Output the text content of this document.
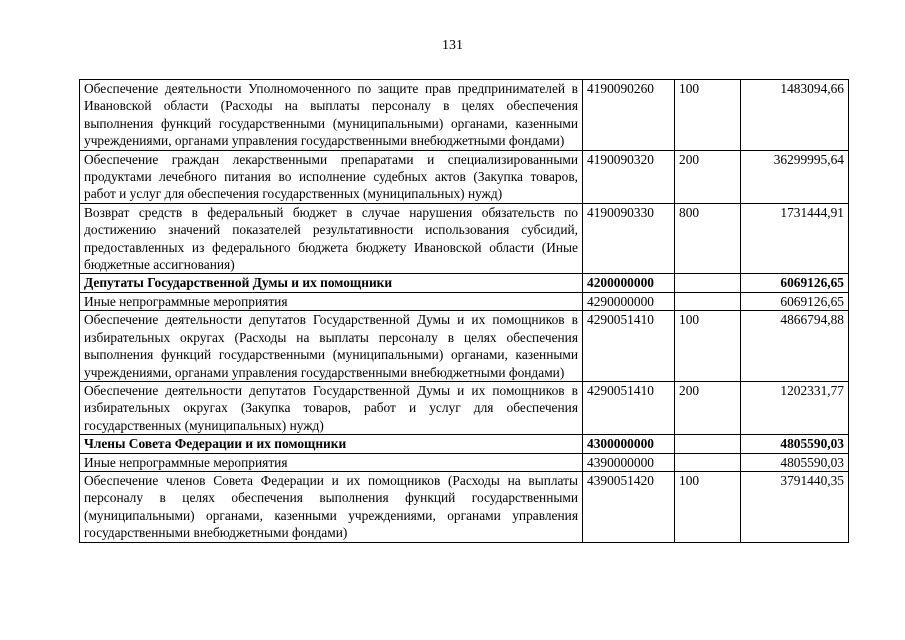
131
Обеспечение деятельности Уполномоченного по защите прав предпринимателей в Ивановской области (Расходы на выплаты персоналу в целях обеспечения выполнения функций государственными (муниципальными) органами, казенными учреждениями, органами управления государственными внебюджетными фондами)	4190090260	100	1483094,66
Обеспечение граждан лекарственными препаратами и специализированными продуктами лечебного питания во исполнение судебных актов (Закупка товаров, работ и услуг для обеспечения государственных (муниципальных) нужд)	4190090320	200	36299995,64
Возврат средств в федеральный бюджет в случае нарушения обязательств по достижению значений показателей результативности использования субсидий, предоставленных из федерального бюджета бюджету Ивановской области (Иные бюджетные ассигнования)	4190090330	800	1731444,91
Депутаты Государственной Думы и их помощники	4200000000		6069126,65
Иные непрограммные мероприятия	4290000000		6069126,65
Обеспечение деятельности депутатов Государственной Думы и их помощников в избирательных округах (Расходы на выплаты персоналу в целях обеспечения выполнения функций государственными (муниципальными) органами, казенными учреждениями, органами управления государственными внебюджетными фондами)	4290051410	100	4866794,88
Обеспечение деятельности депутатов Государственной Думы и их помощников в избирательных округах (Закупка товаров, работ и услуг для обеспечения государственных (муниципальных) нужд)	4290051410	200	1202331,77
Члены Совета Федерации и их помощники	4300000000		4805590,03
Иные непрограммные мероприятия	4390000000		4805590,03
Обеспечение членов Совета Федерации и их помощников (Расходы на выплаты персоналу в целях обеспечения выполнения функций государственными (муниципальными) органами, казенными учреждениями, органами управления государственными внебюджетными фондами)	4390051420	100	3791440,35
